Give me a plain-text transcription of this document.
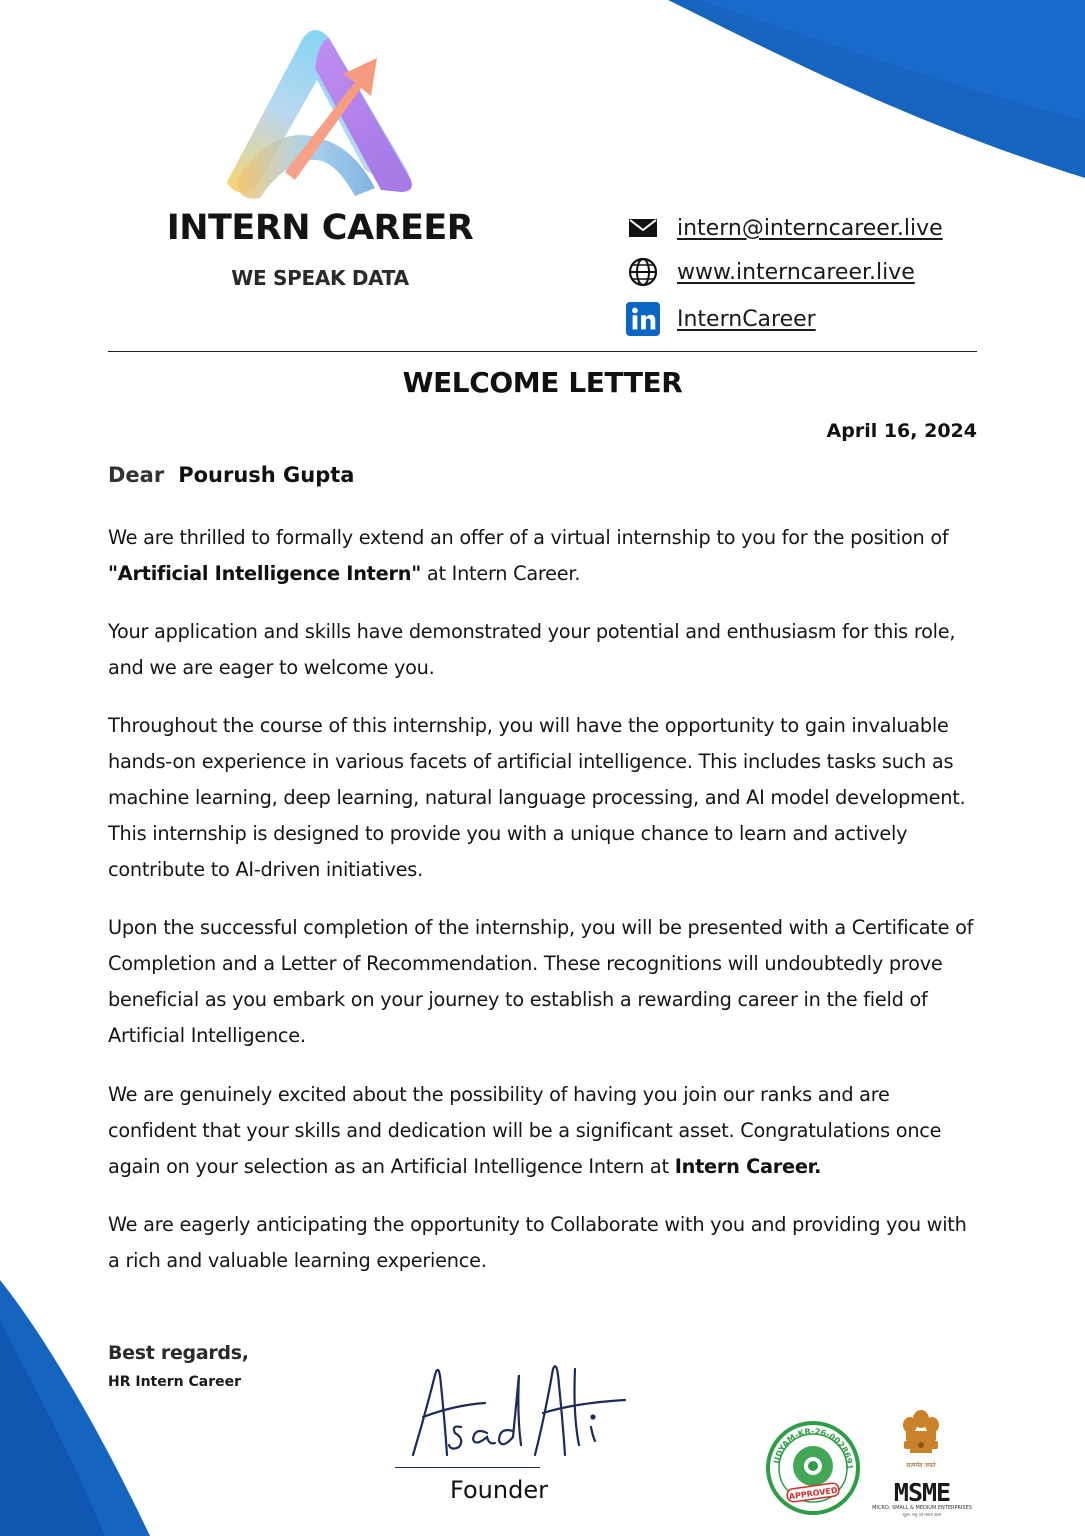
INTERN CAREER
WE SPEAK DATA
intern@interncareer.live
www.interncareer.live
InternCareer
WELCOME LETTER
April 16, 2024
Dear Pourush Gupta

We are thrilled to formally extend an offer of a virtual internship to you for the position of "Artificial Intelligence Intern" at Intern Career.

Your application and skills have demonstrated your potential and enthusiasm for this role, and we are eager to welcome you.

Throughout the course of this internship, you will have the opportunity to gain invaluable hands-on experience in various facets of artificial intelligence. This includes tasks such as machine learning, deep learning, natural language processing, and AI model development. This internship is designed to provide you with a unique chance to learn and actively contribute to AI-driven initiatives.

Upon the successful completion of the internship, you will be presented with a Certificate of Completion and a Letter of Recommendation. These recognitions will undoubtedly prove beneficial as you embark on your journey to establish a rewarding career in the field of Artificial Intelligence.

We are genuinely excited about the possibility of having you join our ranks and are confident that your skills and dedication will be a significant asset. Congratulations once again on your selection as an Artificial Intelligence Intern at Intern Career.

We are eagerly anticipating the opportunity to Collaborate with you and providing you with a rich and valuable learning experience.

Best regards,
HR Intern Career
Founder
UDYAM-KR-26-0028691
APPROVED
सत्यमेव जयते
MSME
MICRO, SMALL & MEDIUM ENTERPRISES
सूक्ष्म, लघु एवं मध्यम उद्यम
